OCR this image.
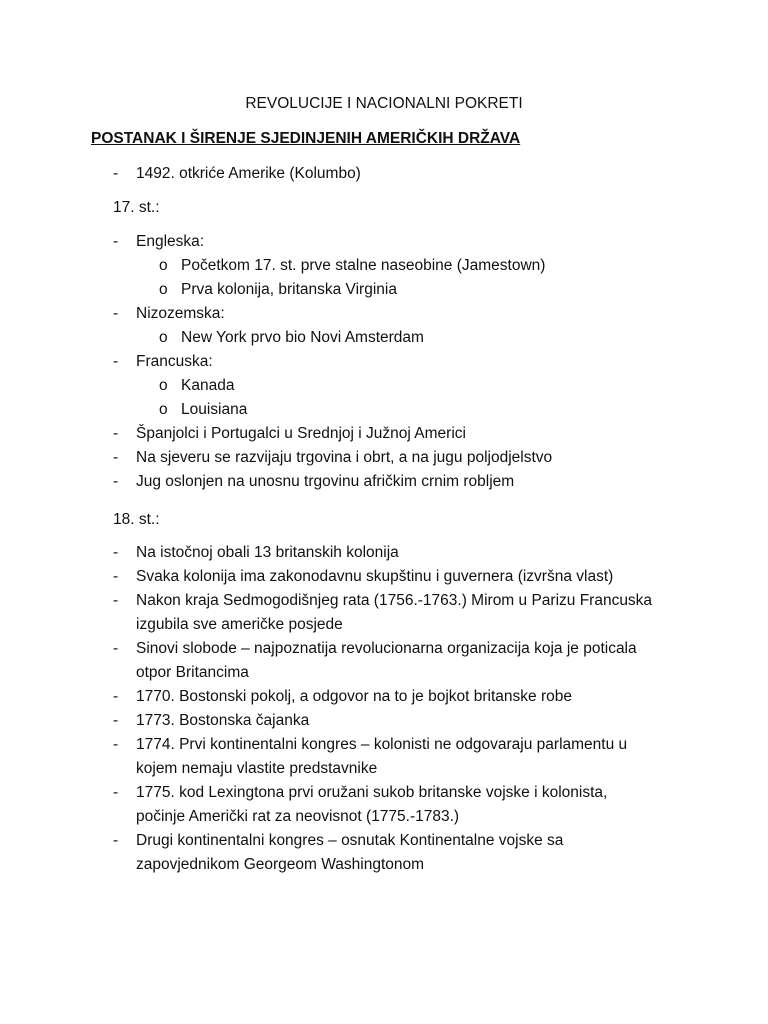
REVOLUCIJE I NACIONALNI POKRETI
POSTANAK I ŠIRENJE SJEDINJENIH AMERIČKIH DRŽAVA
- 1492. otkriće Amerike (Kolumbo)
17. st.:
- Engleska:
o Početkom 17. st. prve stalne naseobine (Jamestown)
o Prva kolonija, britanska Virginia
- Nizozemska:
o New York prvo bio Novi Amsterdam
- Francuska:
o Kanada
o Louisiana
- Španjolci i Portugalci u Srednjoj i Južnoj Americi
- Na sjeveru se razvijaju trgovina i obrt, a na jugu poljodjelstvo
- Jug oslonjen na unosnu trgovinu afričkim crnim robljem
18. st.:
- Na istočnoj obali 13 britanskih kolonija
- Svaka kolonija ima zakonodavnu skupštinu i guvernera (izvršna vlast)
- Nakon kraja Sedmogodišnjeg rata (1756.-1763.) Mirom u Parizu Francuska
izgubila sve američke posjede
- Sinovi slobode – najpoznatija revolucionarna organizacija koja je poticala
otpor Britancima
- 1770. Bostonski pokolj, a odgovor na to je bojkot britanske robe
- 1773. Bostonska čajanka
- 1774. Prvi kontinentalni kongres – kolonisti ne odgovaraju parlamentu u
kojem nemaju vlastite predstavnike
- 1775. kod Lexingtona prvi oružani sukob britanske vojske i kolonista,
počinje Američki rat za neovisnot (1775.-1783.)
- Drugi kontinentalni kongres – osnutak Kontinentalne vojske sa
zapovjednikom Georgeom Washingtonom
